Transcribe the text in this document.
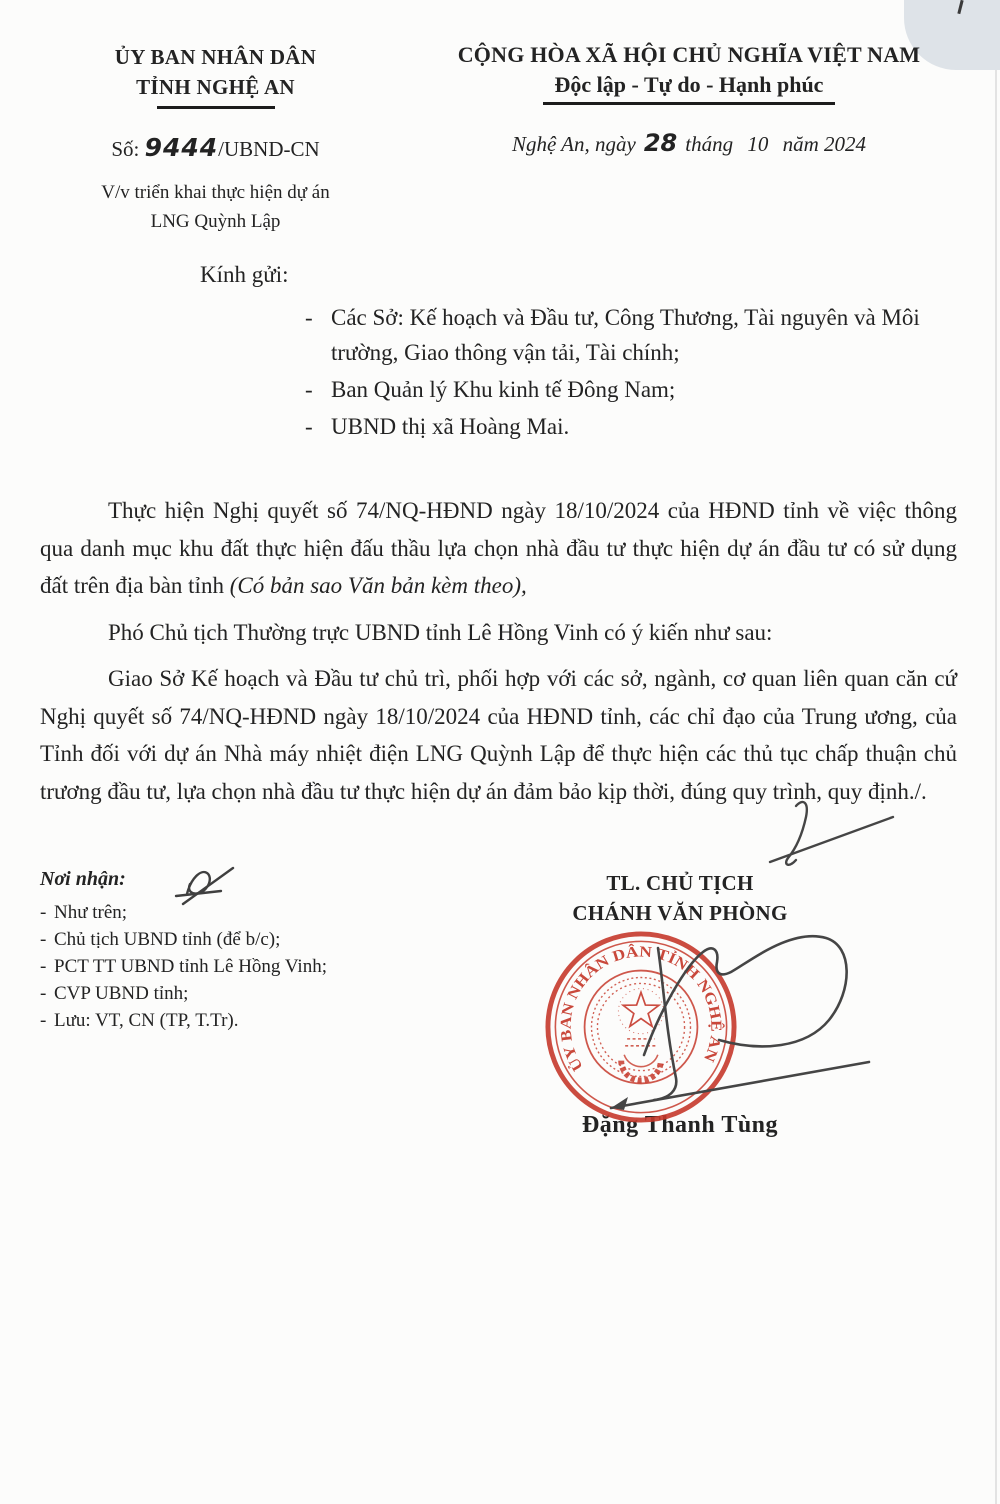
ỦY BAN NHÂN DÂN
TỈNH NGHỆ AN
Số: 9444/UBND-CN
V/v triển khai thực hiện dự án
LNG Quỳnh Lập
CỘNG HÒA XÃ HỘI CHỦ NGHĨA VIỆT NAM
Độc lập - Tự do - Hạnh phúc
Nghệ An, ngày 28 tháng 10 năm 2024
Kính gửi:
- Các Sở: Kế hoạch và Đầu tư, Công Thương, Tài nguyên và Môi trường, Giao thông vận tải, Tài chính;
- Ban Quản lý Khu kinh tế Đông Nam;
- UBND thị xã Hoàng Mai.

Thực hiện Nghị quyết số 74/NQ-HĐND ngày 18/10/2024 của HĐND tỉnh về việc thông qua danh mục khu đất thực hiện đấu thầu lựa chọn nhà đầu tư thực hiện dự án đầu tư có sử dụng đất trên địa bàn tỉnh (Có bản sao Văn bản kèm theo),

Phó Chủ tịch Thường trực UBND tỉnh Lê Hồng Vinh có ý kiến như sau:

Giao Sở Kế hoạch và Đầu tư chủ trì, phối hợp với các sở, ngành, cơ quan liên quan căn cứ Nghị quyết số 74/NQ-HĐND ngày 18/10/2024 của HĐND tỉnh, các chỉ đạo của Trung ương, của Tỉnh đối với dự án Nhà máy nhiệt điện LNG Quỳnh Lập để thực hiện các thủ tục chấp thuận chủ trương đầu tư, lựa chọn nhà đầu tư thực hiện dự án đảm bảo kịp thời, đúng quy trình, quy định./.

Nơi nhận:
- Như trên;
- Chủ tịch UBND tỉnh (để b/c);
- PCT TT UBND tỉnh Lê Hồng Vinh;
- CVP UBND tỉnh;
- Lưu: VT, CN (TP, T.Tr).
TL. CHỦ TỊCH
CHÁNH VĂN PHÒNG
Đặng Thanh Tùng
ỦY BAN NHÂN DÂN TỈNH NGHỆ AN
